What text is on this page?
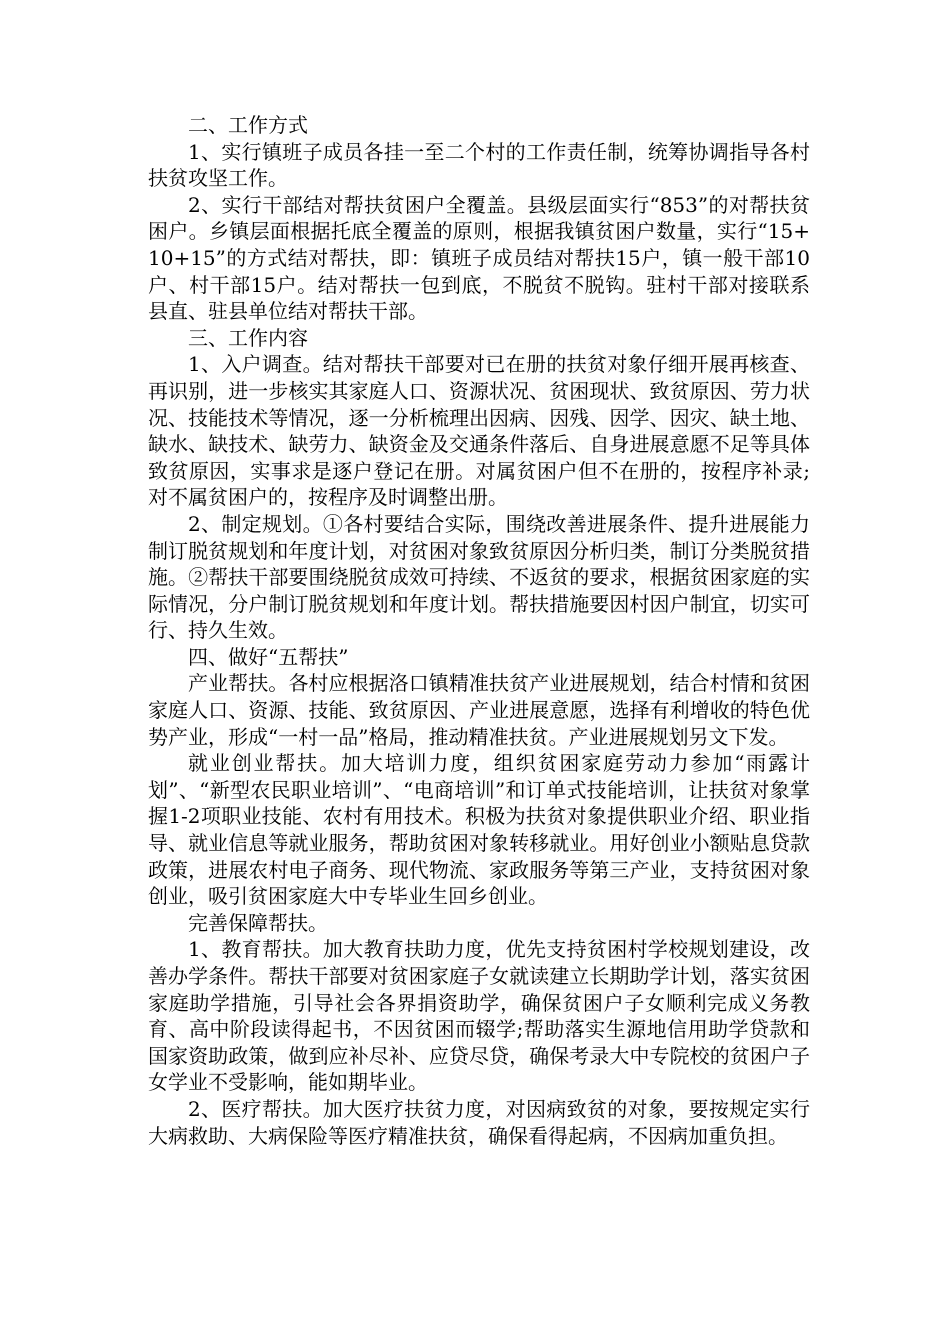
二、工作方式

1、实行镇班子成员各挂一至二个村的工作责任制，统筹协调指导各村扶贫攻坚工作。

2、实行干部结对帮扶贫困户全覆盖。县级层面实行“853”的对帮扶贫困户。乡镇层面根据托底全覆盖的原则，根据我镇贫困户数量，实行“15+10+15”的方式结对帮扶，即：镇班子成员结对帮扶15户，镇一般干部10户、村干部15户。结对帮扶一包到底，不脱贫不脱钩。驻村干部对接联系县直、驻县单位结对帮扶干部。

三、工作内容

1、入户调查。结对帮扶干部要对已在册的扶贫对象仔细开展再核查、再识别，进一步核实其家庭人口、资源状况、贫困现状、致贫原因、劳力状况、技能技术等情况，逐一分析梳理出因病、因残、因学、因灾、缺土地、缺水、缺技术、缺劳力、缺资金及交通条件落后、自身进展意愿不足等具体致贫原因，实事求是逐户登记在册。对属贫困户但不在册的，按程序补录;对不属贫困户的，按程序及时调整出册。

2、制定规划。①各村要结合实际，围绕改善进展条件、提升进展能力制订脱贫规划和年度计划，对贫困对象致贫原因分析归类，制订分类脱贫措施。②帮扶干部要围绕脱贫成效可持续、不返贫的要求，根据贫困家庭的实际情况，分户制订脱贫规划和年度计划。帮扶措施要因村因户制宜，切实可行、持久生效。

四、做好“五帮扶”

产业帮扶。各村应根据洛口镇精准扶贫产业进展规划，结合村情和贫困家庭人口、资源、技能、致贫原因、产业进展意愿，选择有利增收的特色优势产业，形成“一村一品”格局，推动精准扶贫。产业进展规划另文下发。

就业创业帮扶。加大培训力度，组织贫困家庭劳动力参加“雨露计划”、“新型农民职业培训”、“电商培训”和订单式技能培训，让扶贫对象掌握1-2项职业技能、农村有用技术。积极为扶贫对象提供职业介绍、职业指导、就业信息等就业服务，帮助贫困对象转移就业。用好创业小额贴息贷款政策，进展农村电子商务、现代物流、家政服务等第三产业，支持贫困对象创业，吸引贫困家庭大中专毕业生回乡创业。

完善保障帮扶。

1、教育帮扶。加大教育扶助力度，优先支持贫困村学校规划建设，改善办学条件。帮扶干部要对贫困家庭子女就读建立长期助学计划，落实贫困家庭助学措施，引导社会各界捐资助学，确保贫困户子女顺利完成义务教育、高中阶段读得起书，不因贫困而辍学;帮助落实生源地信用助学贷款和国家资助政策，做到应补尽补、应贷尽贷，确保考录大中专院校的贫困户子女学业不受影响，能如期毕业。

2、医疗帮扶。加大医疗扶贫力度，对因病致贫的对象，要按规定实行大病救助、大病保险等医疗精准扶贫，确保看得起病，不因病加重负担。
